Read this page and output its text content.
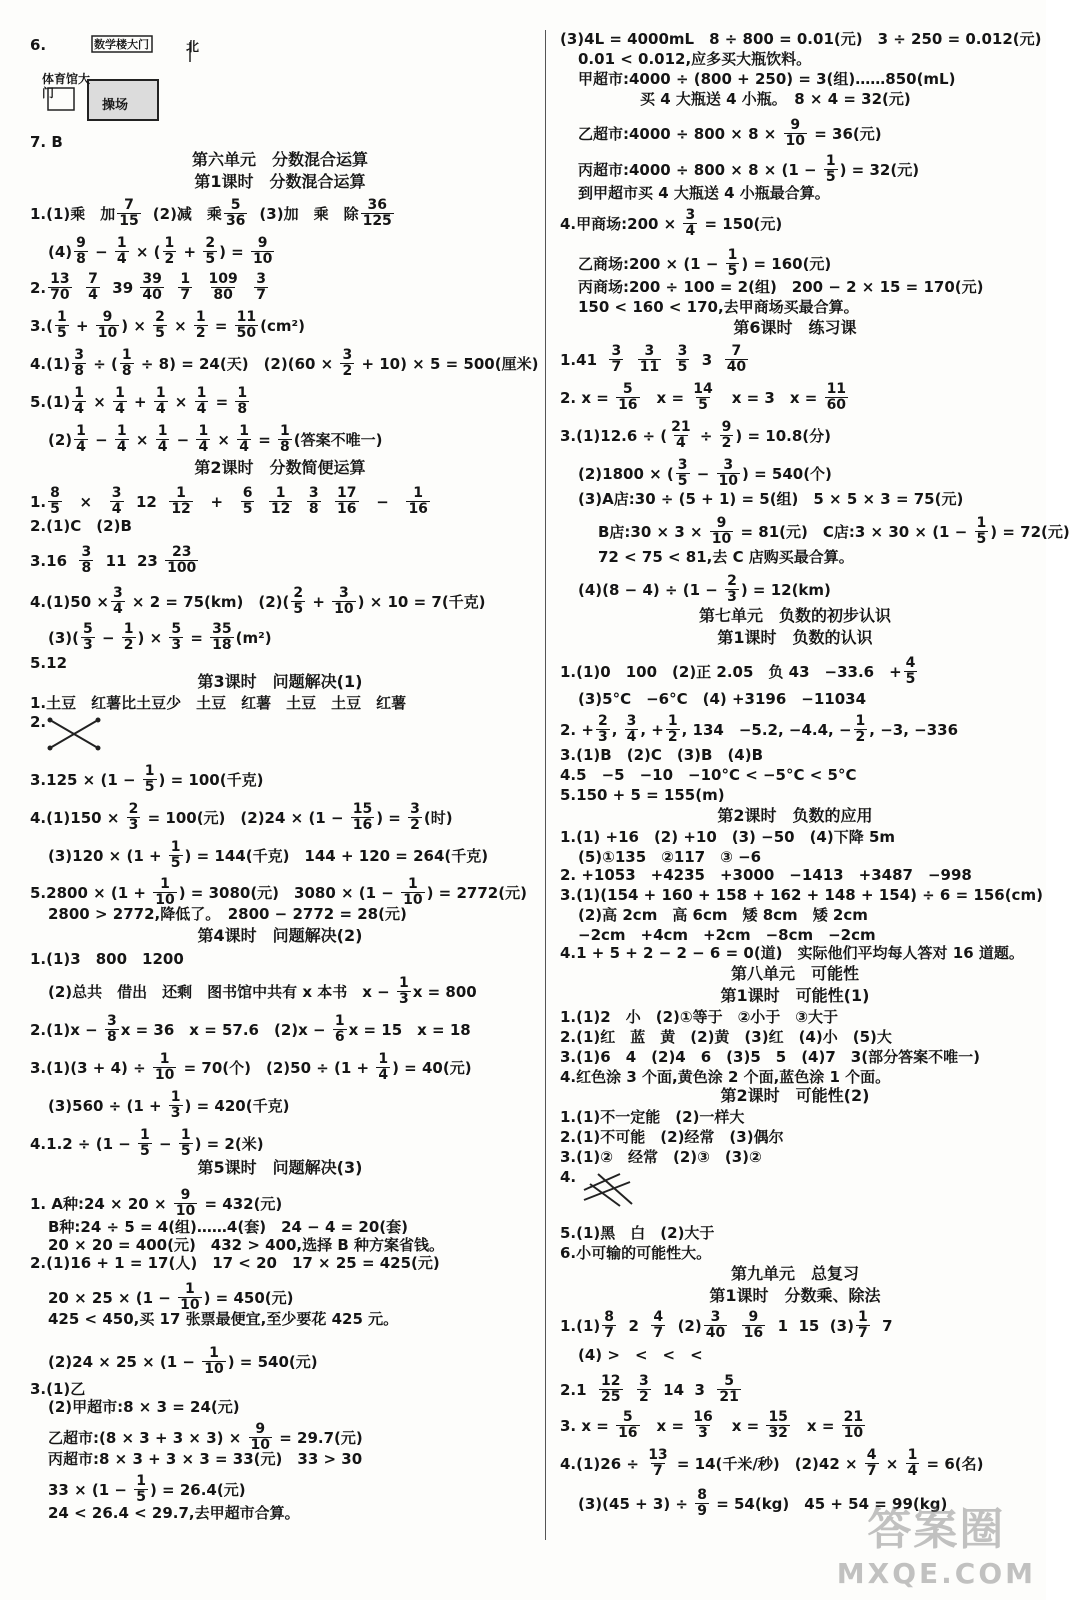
6.	数学楼大门	北
体育馆大门
操场
7. B
第六单元　分数混合运算
第1课时　分数混合运算
1.(1)乘　加 7
15 (2)减　乘 5
36 (3)加　乘　除 36
125
(4) 9
$8 - \frac{1}{4}$ × ( 1
$2 + \frac{2}{5}$ ) = $\frac{9}{10}$
2. 13
70

7
4 39 39
40

1
7

109
80

3
7
3.( 1
$5 + \frac{9}{10}$ ) × $\frac{2}{5} \times \frac{1}{2} = \frac{11}{50} (cm^2)$
$4.(1) \frac{3}{8}$ ÷ ( $\frac{1}{8} \div 8) = 24$(天)　$(2)(60 \times \frac{3}{2} + 10) \times 5 = 500$(厘米)
$5.(1) \frac{1}{4} \times \frac{1}{4} + \frac{1}{4} \times \frac{1}{4} = \frac{1}{8}$
(2) 1
$4 - \frac{1}{4} \times \frac{1}{4} - \frac{1}{4} \times \frac{1}{4} = \frac{1}{8}$ (答案不唯一)
第2课时　分数简便运算
1. $\frac{8}{5} \times \frac{3}{4} 12$ 1
$12 + \frac{6}{5}$
1
12

3
8

17
$16 - \frac{1}{16}$
2.(1)C　(2)B
3.16
3
8 11  23 23
100
$4.(1)50 \times \frac{3}{4} \times 2 = 75(km)$　(2)( 2
$5 + \frac{3}{10}$ ) × 10 = 7(千克)
(3)( 5
$3 - \frac{1}{2}$ ) × $\frac{5}{3} = \frac{35}{18} (m^2)$
5.12
第3课时　问题解决(1)
1.土豆　红薯比土豆少　土豆　红薯　土豆　土豆　红薯
2.
3.125 × (1 −
1
5 ) = 100(千克)
4.(1)150 ×
$\frac{2}{3} = 100$(元)　$(2)24 \times (1 - \frac{15}{16}$ ) = $\frac{3}{2}$ (时)
(3)120 × (1 +
1
5 ) = 144(千克)　144 + 120 = 264(千克)
5.2800 × (1 +
1
10 ) = 3080(元)　$3080 \times (1 - \frac{1}{10}$ ) = 2772(元)
2800 > 2772,降低了。　2800 − 2772 = 28(元)
第4课时　问题解决(2)
1.(1)3　800　1200
(2)总共　借出　还剩　图书馆中共有 x 本书　x −
1
3 x = 800
2.(1)x −
3
8 x = 36　x = 57.6　$(2)x - \frac{1}{6}$ x = 15　x = 18
3.(1)(3 + 4) ÷
$\frac{1}{10} = 70$(个)　$(2)50 \div (1 + \frac{1}{4}$ ) = 40(元)
(3)560 ÷ (1 +
1
3 ) = 420(千克)
4.1.2 ÷ (1 −
1
$5 - \frac{1}{5}$ ) = 2(米)
第5课时　问题解决(3)
1. A种:24 × 20 ×
$\frac{9}{10} = 432$(元)
B种:24 ÷ 5 = 4(组)……4(套)　24 − 4 = 20(套)
20 × 20 = 400(元)　432 > 400,选择 B 种方案省钱。
2.(1)16 + 1 = 17(人)　17 < 20　17 × 25 = 425(元)
20 × 25 × (1 −
1
10 ) = 450(元)
425 < 450,买 17 张票最便宜,至少要花 425 元。
(2)24 × 25 × (1 −
1
10 ) = 540(元)
3.(1)乙
(2)甲超市:8 × 3 = 24(元)
乙超市:(8 × 3 + 3 × 3) ×
$\frac{9}{10} = 29.7$(元)
丙超市:8 × 3 + 3 × 3 = 33(元)　33 > 30
33 × (1 −
1
5 ) = 26.4(元)
24 < 26.4 < 29.7,去甲超市合算。
(3)4L = 4000mL　8 ÷ 800 = 0.01(元)　3 ÷ 250 = 0.012(元)
0.01 < 0.012,应多买大瓶饮料。
甲超市:4000 ÷ (800 + 250) = 3(组)……850(mL)
买 4 大瓶送 4 小瓶。　8 × 4 = 32(元)
乙超市:4000 ÷ 800 × 8 ×
$\frac{9}{10} = 36$(元)
丙超市:4000 ÷ 800 × 8 × (1 −
1
5 ) = 32(元)
到甲超市买 4 大瓶送 4 小瓶最合算。
4.甲商场:200 ×
$\frac{3}{4} = 150$(元)
乙商场:200 × (1 −
1
5 ) = 160(元)
丙商场:200 ÷ 100 = 2(组)　200 − 2 × 15 = 170(元)
150 < 160 < 170,去甲商场买最合算。
第6课时　练习课
1.41
3
7

3
11

3
5 3 7
40
2. x =
5
16 　$x = \frac{14}{5}$ 　x = 3　$x = \frac{11}{60}$
3.(1)12.6 ÷ ( $\frac{21}{4} \div \frac{9}{2}$ ) = 10.8(分)
(2)1800 × ( 3
$5 - \frac{3}{10}$ ) = 540(个)
(3)A店:30 ÷ (5 + 1) = 5(组)　5 × 5 × 3 = 75(元)
B店:30 × 3 ×
$\frac{9}{10} = 81$(元)　C店:3 × $30 \times (1 - \frac{1}{5}$ ) = 72(元)
72 < 75 < 81,去 C 店购买最合算。
(4)(8 − 4) ÷ (1 −
2
3 ) = 12(km)
第七单元　负数的初步认识
第1课时　负数的认识
1.(1)0　100　(2)正 2.05　负 43　−33.6　+ $\frac{4}{5}$
(3)5°C　−6°C　(4) +3196　−11034
2. + $\frac{2}{3}$ , 3
4 , + $\frac{1}{2}$ , 134　−5.2, −4.4, − $\frac{1}{2}$ , −3, −336
3.(1)B　(2)C　(3)B　(4)B
4.5　−5　−10　−10°C < −5°C < 5°C
5.150 + 5 = 155(m)
第2课时　负数的应用
1.(1) +16　(2) +10　(3) −50　(4)下降 5m
(5)①135　②117　③ −6
2. +1053　+4235　+3000　−1413　+3487　−998
3.(1)(154 + 160 + 158 + 162 + 148 + 154) ÷ 6 = 156(cm)
(2)高 2cm　高 6cm　矮 8cm　矮 2cm
−2cm　+4cm　+2cm　−8cm　−2cm
4.1 + 5 + 2 − 2 − 6 = 0(道)　实际他们平均每人答对 16 道题。
第八单元　可能性
第1课时　可能性(1)
1.(1)2　小　(2)①等于　②小于　③大于
2.(1)红　蓝　黄　(2)黄　(3)红　(4)小　(5)大
3.(1)6　4　(2)4　6　(3)5　5　(4)7　3(部分答案不唯一)
4.红色涂 3 个面,黄色涂 2 个面,蓝色涂 1 个面。
第2课时　可能性(2)
1.(1)不一定能　(2)一样大
2.(1)不可能　(2)经常　(3)偶尔
3.(1)②　经常　(2)③　(3)②
4.
5.(1)黑　白　(2)大于
6.小可输的可能性大。
第九单元　总复习
第1课时　分数乘、除法
1.(1) 8
7 2 4
7 (2) 3
40

9
16 1  15  (3) 1
7 7
(4) >　<　<　<
2.1
12
25

3
2 14  3 5
21
3. x =
5
16 　$x = \frac{16}{3}$ 　$x = \frac{15}{32}$ 　$x = \frac{21}{10}$
4.(1)26 ÷
$\frac{13}{7} = 14$(千米/秒)　$(2)42 \times \frac{4}{7} \times \frac{1}{4} = 6$(名)
(3)(45 + 3) ÷
$\frac{8}{9} = 54(kg)$　45 + 54 = 99(kg)
答案圈
MXQE.COM
